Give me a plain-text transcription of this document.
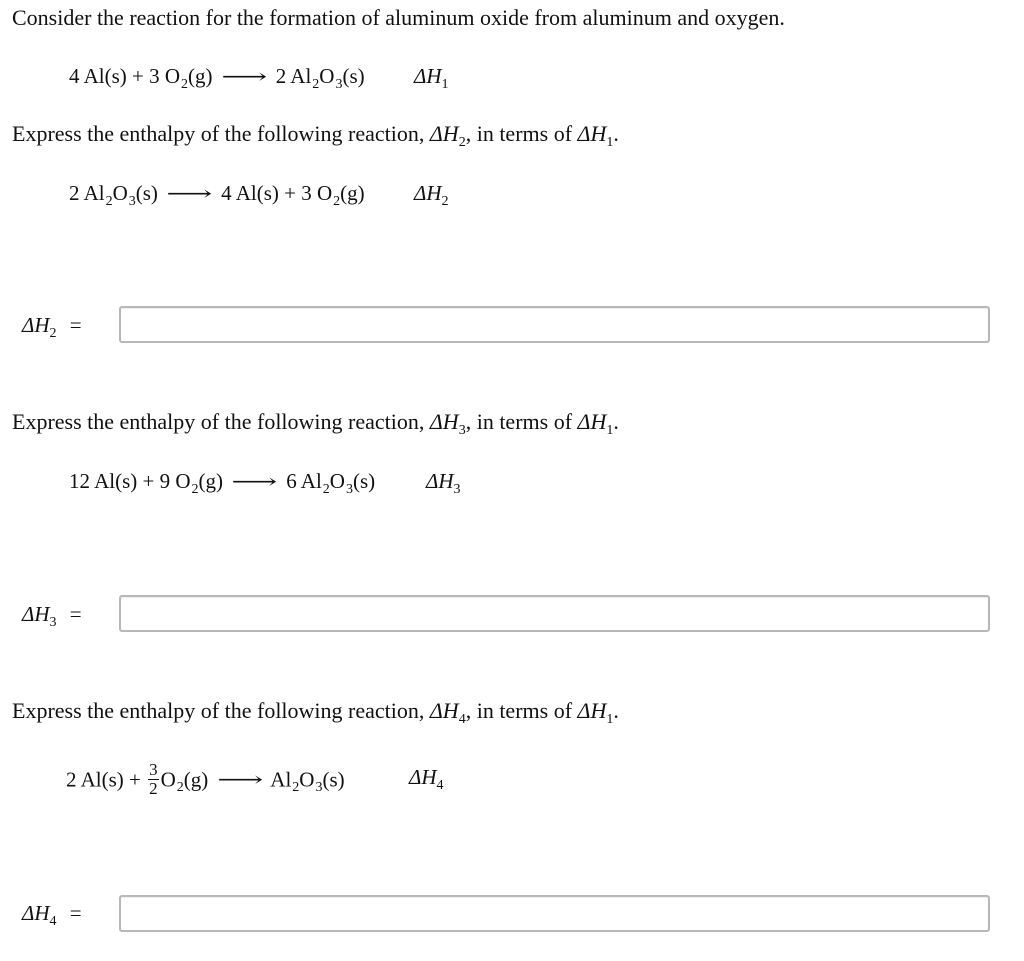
Consider the reaction for the formation of aluminum oxide from aluminum and oxygen.
4 Al(s) + 3 $O_2(g)$ ⟶ 2 $Al_2O_3(s)$ $\Delta H_1$
Express the enthalpy of the following reaction, $\Delta H_2$, in terms of $\Delta H_1$.
2 $Al_2O_3(s)$ ⟶ 4 Al(s) + 3 $O_2(g)$ $\Delta H_2$
$\Delta H_2$ =
Express the enthalpy of the following reaction, $\Delta H_3$, in terms of $\Delta H_1$.
12 Al(s) + 9 $O_2(g)$ ⟶ 6 $Al_2O_3(s)$ $\Delta H_3$
$\Delta H_3$ =
Express the enthalpy of the following reaction, $\Delta H_4$, in terms of $\Delta H_1$.
2 $Al(s) + \frac{3}{2} O_2(g)$ ⟶ $Al_2O_3(s)$	$\Delta H_4$
$\Delta H_4$ =
